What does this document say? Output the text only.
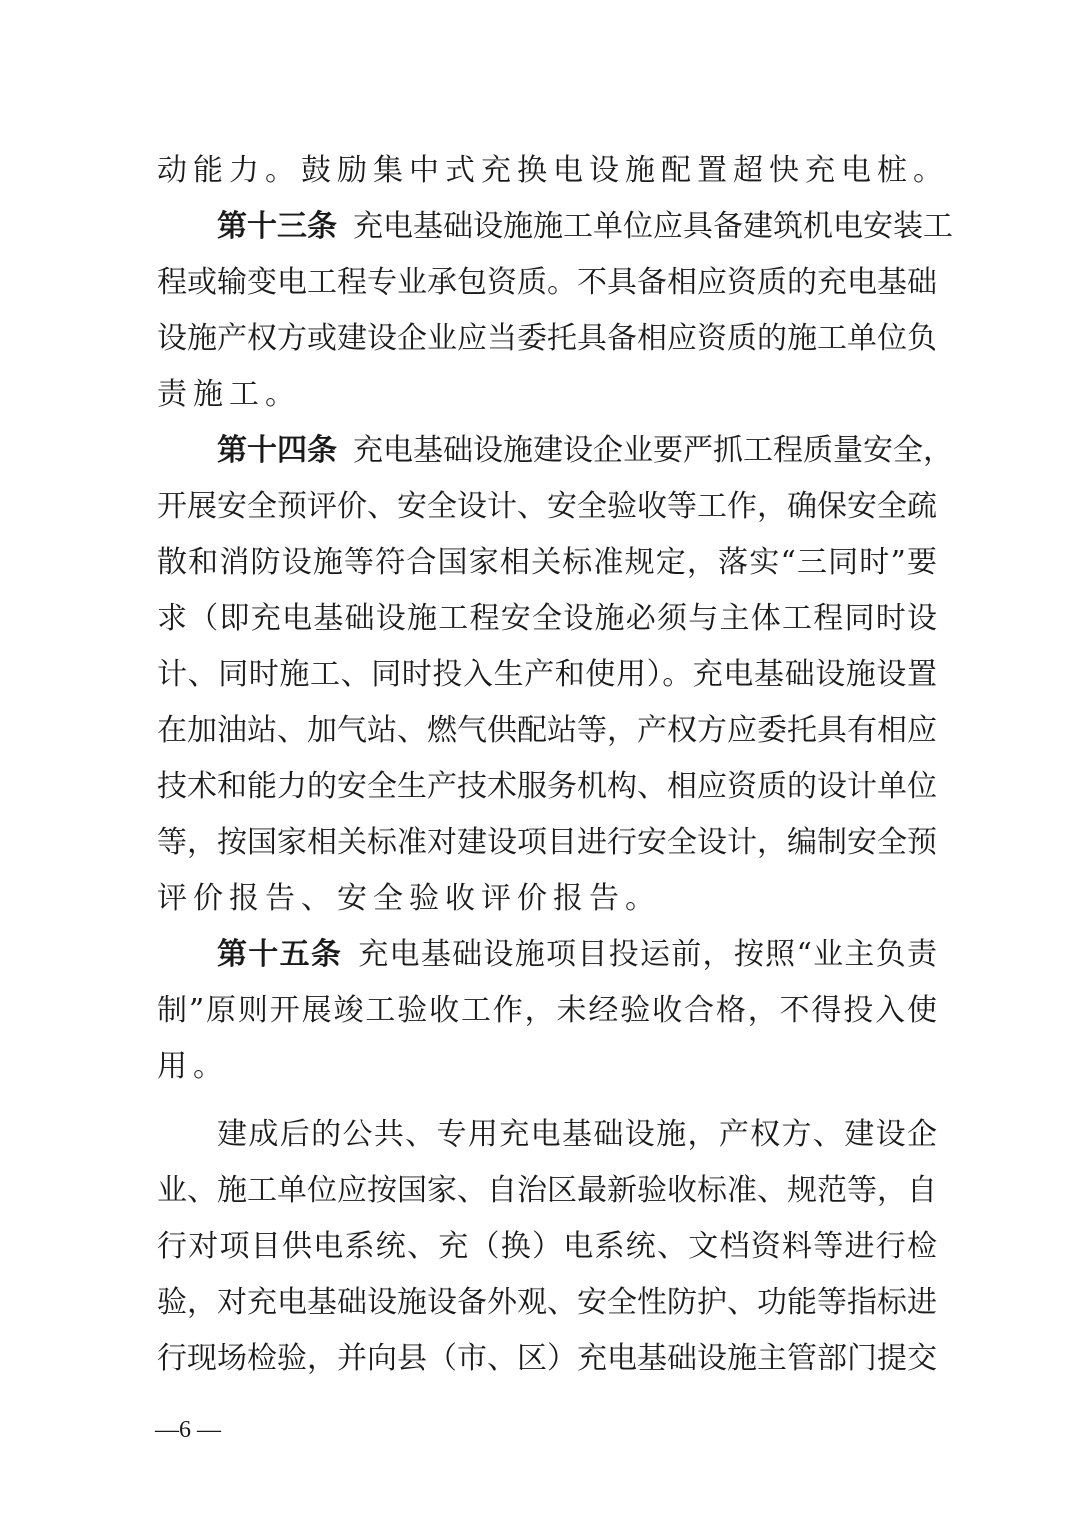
动能力。鼓励集中式充换电设施配置超快充电桩。
第十三条 充电基础设施施工单位应具备建筑机电安装工
程或输变电工程专业承包资质。不具备相应资质的充电基础
设施产权方或建设企业应当委托具备相应资质的施工单位负
责施工。
第十四条 充电基础设施建设企业要严抓工程质量安全，
开展安全预评价、安全设计、安全验收等工作，确保安全疏
散和消防设施等符合国家相关标准规定，落实“三同时”要
求（即充电基础设施工程安全设施必须与主体工程同时设
计、同时施工、同时投入生产和使用）。充电基础设施设置
在加油站、加气站、燃气供配站等，产权方应委托具有相应
技术和能力的安全生产技术服务机构、相应资质的设计单位
等，按国家相关标准对建设项目进行安全设计，编制安全预
评价报告、安全验收评价报告。
第十五条 充电基础设施项目投运前，按照“业主负责
制”原则开展竣工验收工作，未经验收合格，不得投入使
用。
建成后的公共、专用充电基础设施，产权方、建设企
业、施工单位应按国家、自治区最新验收标准、规范等，自
行对项目供电系统、充（换）电系统、文档资料等进行检
验，对充电基础设施设备外观、安全性防护、功能等指标进
行现场检验，并向县（市、区）充电基础设施主管部门提交
—6 —
